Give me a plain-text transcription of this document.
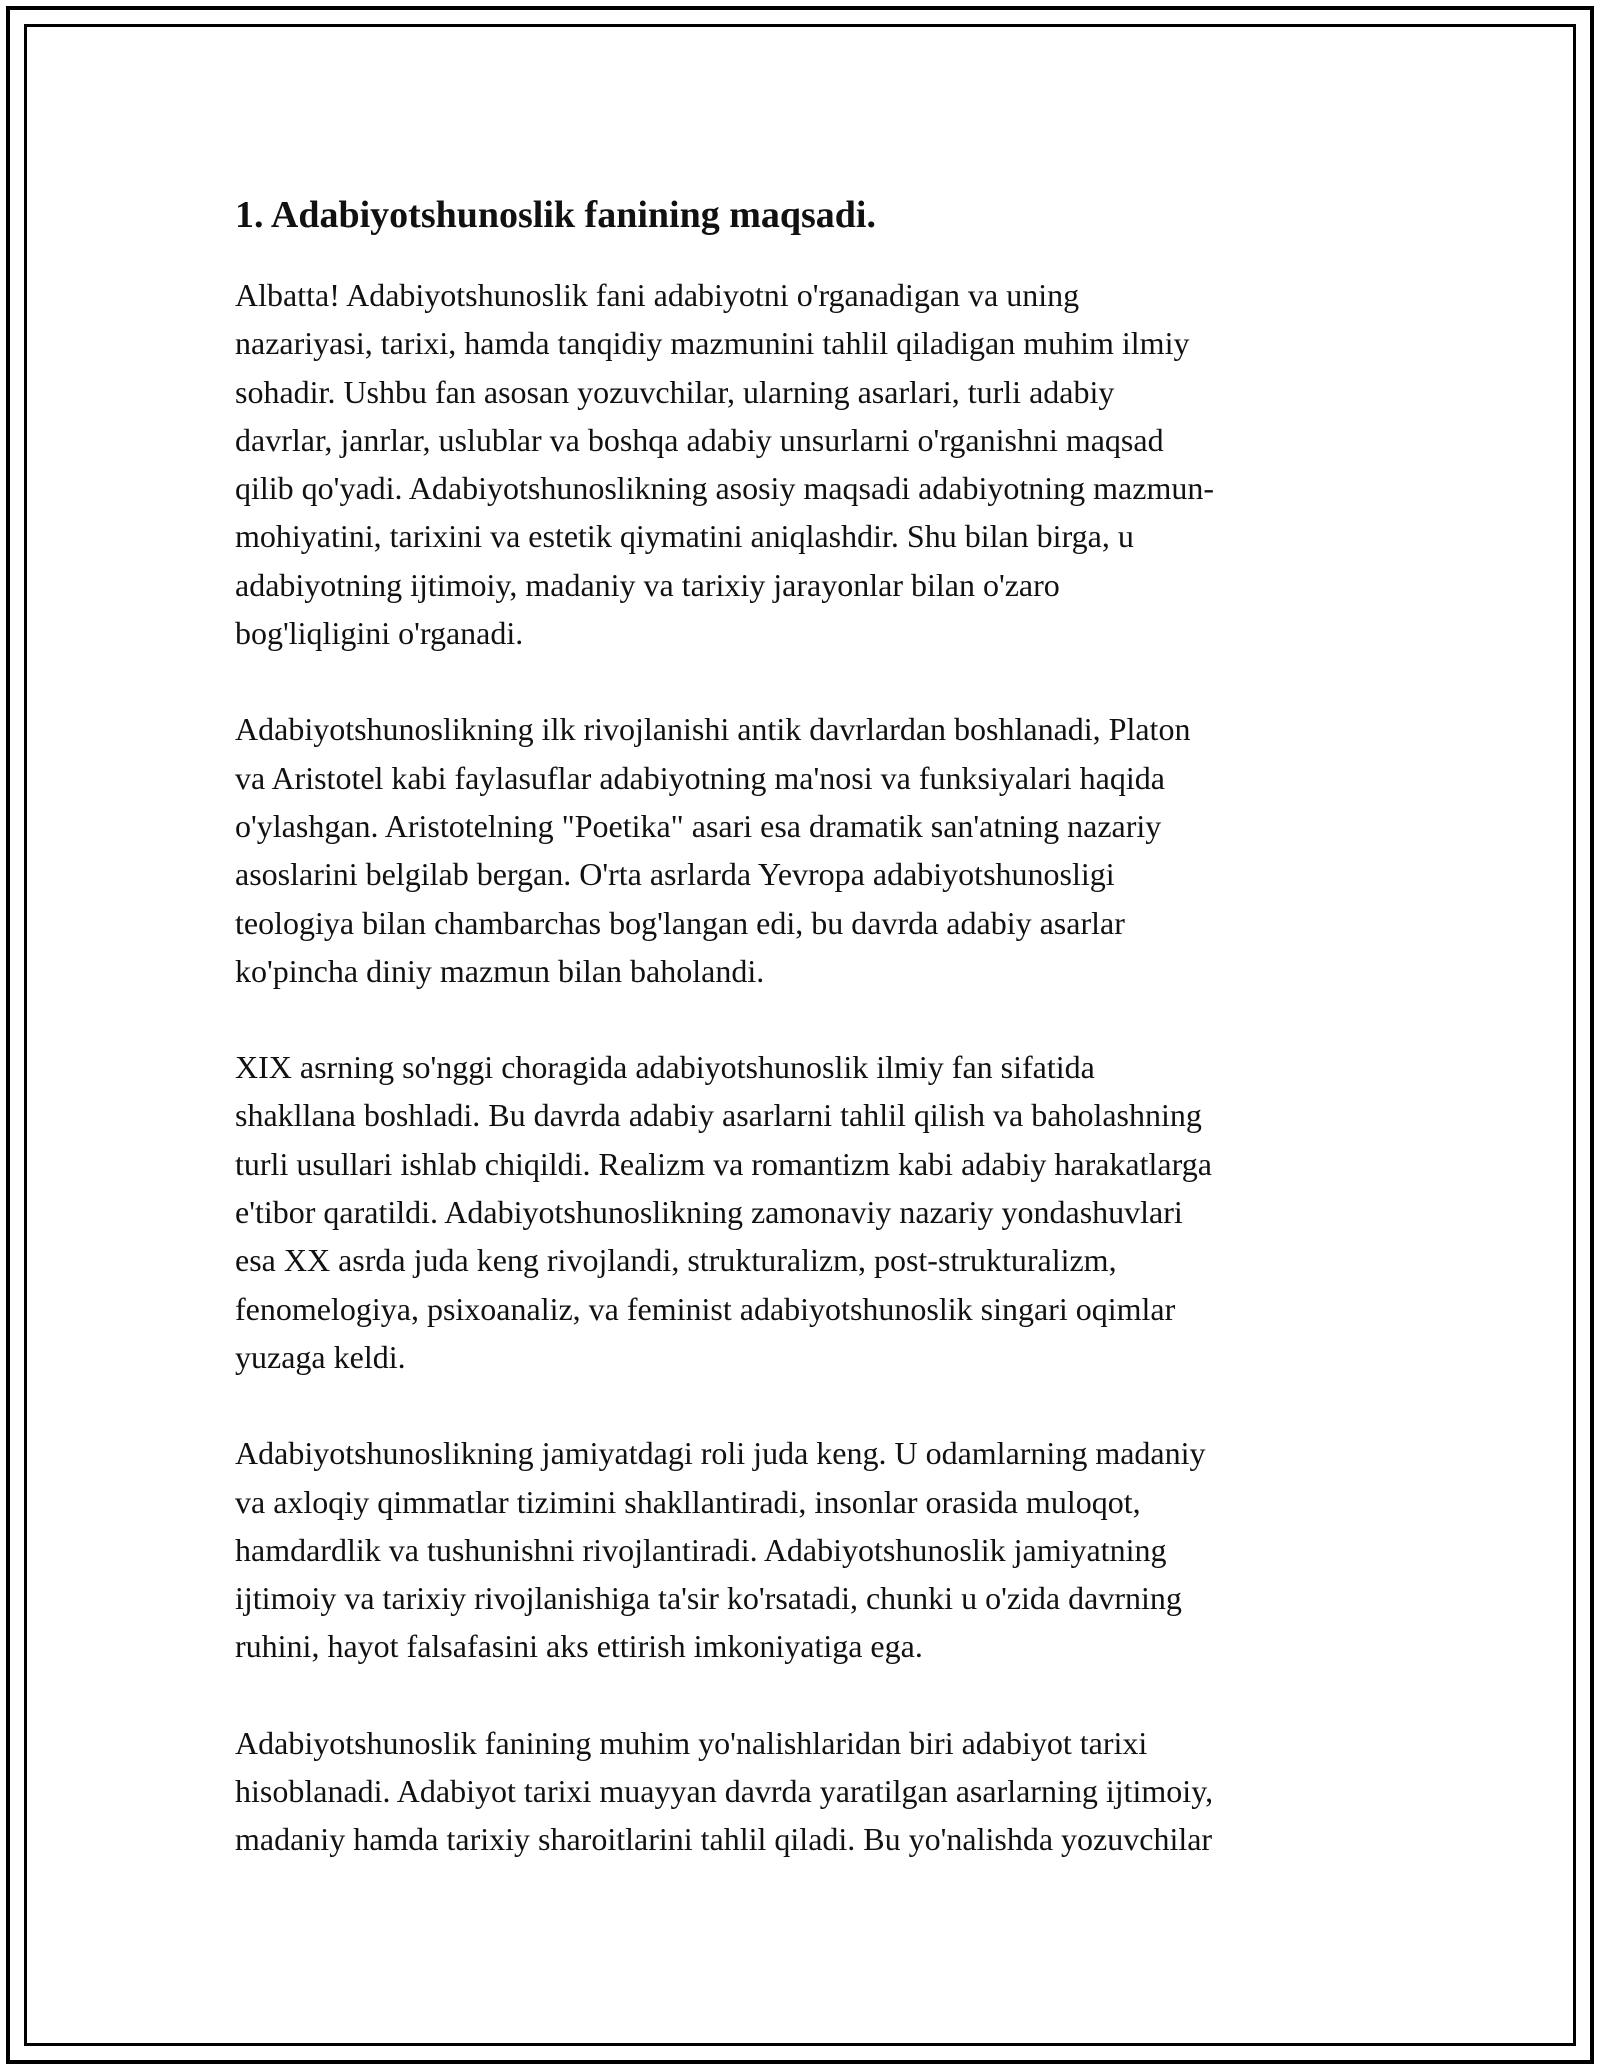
1. Adabiyotshunoslik fanining maqsadi.

Albatta! Adabiyotshunoslik fani adabiyotni o'rganadigan va uning
nazariyasi, tarixi, hamda tanqidiy mazmunini tahlil qiladigan muhim ilmiy
sohadir. Ushbu fan asosan yozuvchilar, ularning asarlari, turli adabiy
davrlar, janrlar, uslublar va boshqa adabiy unsurlarni o'rganishni maqsad
qilib qo'yadi. Adabiyotshunoslikning asosiy maqsadi adabiyotning mazmun-
mohiyatini, tarixini va estetik qiymatini aniqlashdir. Shu bilan birga, u
adabiyotning ijtimoiy, madaniy va tarixiy jarayonlar bilan o'zaro
bog'liqligini o'rganadi.

Adabiyotshunoslikning ilk rivojlanishi antik davrlardan boshlanadi, Platon
va Aristotel kabi faylasuflar adabiyotning ma'nosi va funksiyalari haqida
o'ylashgan. Aristotelning "Poetika" asari esa dramatik san'atning nazariy
asoslarini belgilab bergan. O'rta asrlarda Yevropa adabiyotshunosligi
teologiya bilan chambarchas bog'langan edi, bu davrda adabiy asarlar
ko'pincha diniy mazmun bilan baholandi.

XIX asrning so'nggi choragida adabiyotshunoslik ilmiy fan sifatida
shakllana boshladi. Bu davrda adabiy asarlarni tahlil qilish va baholashning
turli usullari ishlab chiqildi. Realizm va romantizm kabi adabiy harakatlarga
e'tibor qaratildi. Adabiyotshunoslikning zamonaviy nazariy yondashuvlari
esa XX asrda juda keng rivojlandi, strukturalizm, post-strukturalizm,
fenomelogiya, psixoanaliz, va feminist adabiyotshunoslik singari oqimlar
yuzaga keldi.

Adabiyotshunoslikning jamiyatdagi roli juda keng. U odamlarning madaniy
va axloqiy qimmatlar tizimini shakllantiradi, insonlar orasida muloqot,
hamdardlik va tushunishni rivojlantiradi. Adabiyotshunoslik jamiyatning
ijtimoiy va tarixiy rivojlanishiga ta'sir ko'rsatadi, chunki u o'zida davrning
ruhini, hayot falsafasini aks ettirish imkoniyatiga ega.

Adabiyotshunoslik fanining muhim yo'nalishlaridan biri adabiyot tarixi
hisoblanadi. Adabiyot tarixi muayyan davrda yaratilgan asarlarning ijtimoiy,
madaniy hamda tarixiy sharoitlarini tahlil qiladi. Bu yo'nalishda yozuvchilar
